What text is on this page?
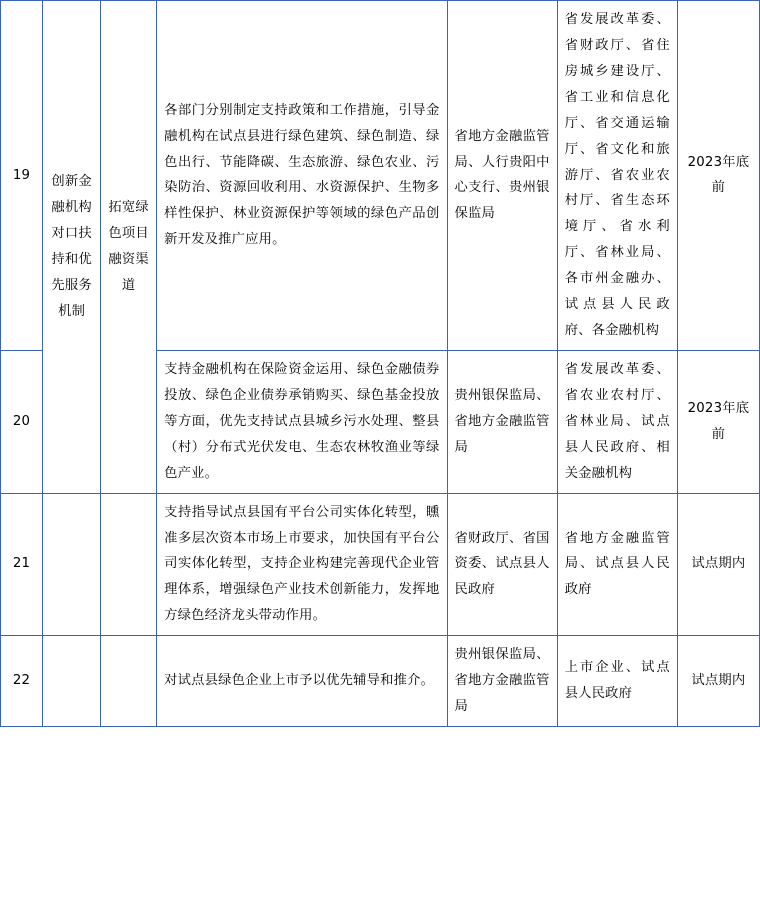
19	创新金融机构对口扶持和优先服务机制	拓宽绿色项目融资渠道	各部门分别制定支持政策和工作措施，引导金融机构在试点县进行绿色建筑、绿色制造、绿色出行、节能降碳、生态旅游、绿色农业、污染防治、资源回收利用、水资源保护、生物多样性保护、林业资源保护等领域的绿色产品创新开发及推广应用。	省地方金融监管局、人行贵阳中心支行、贵州银保监局	省发展改革委、省财政厅、省住房城乡建设厅、省工业和信息化厅、省交通运输厅、省文化和旅游厅、省农业农村厅、省生态环境厅、省水利厅、省林业局、各市州金融办、试点县人民政府、各金融机构	2023年底前

20			支持金融机构在保险资金运用、绿色金融债券投放、绿色企业债券承销购买、绿色基金投放等方面，优先支持试点县城乡污水处理、整县（村）分布式光伏发电、生态农林牧渔业等绿色产业。	贵州银保监局、省地方金融监管局	省发展改革委、省农业农村厅、省林业局、试点县人民政府、相关金融机构	2023年底前

21			支持指导试点县国有平台公司实体化转型，矄准多层次资本市场上市要求，加快国有平台公司实体化转型，支持企业构建完善现代企业管理体系，增强绿色产业技术创新能力，发挥地方绿色经济龙头带动作用。	省财政厅、省国资委、试点县人民政府	省地方金融监管局、试点县人民政府	试点期内

22			对试点县绿色企业上市予以优先辅导和推介。	贵州银保监局、省地方金融监管局	上市企业、试点县人民政府	试点期内
